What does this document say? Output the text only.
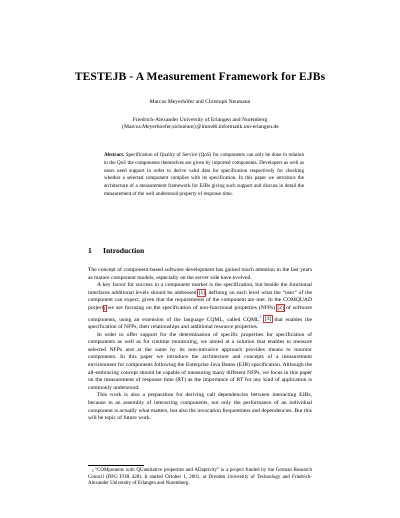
TESTEJB - A Measurement Framework for EJBs
Marcus Meyerhöfer and Christoph Neumann
Friedrich-Alexander University of Erlangen and Nuremberg
{Marcus.Meyerhoefer,sichneum}@immd6.informatik.uni-erlangen.de
Abstract. Specification of Quality of Service (QoS) for components can only be done in relation to the QoS the components themselves are given by imported components. Developers as well as users need support in order to derive valid data for specification respectively for checking whether a selected component complies with its specification. In this paper we introduce the architecture of a measurement framework for EJBs giving such support and discuss in detail the measurement of the well understood property of response time.
1 Introduction

The concept of component-based software development has gained much attention in the last years as mature component models, especially on the server side have evolved.

A key factor for success in a component market is the specification, but beside the functional interfaces additional levels should be addressed [1], defining on each level what the “user” of the component can expect, given that the requirements of the component are met. In the COMQUAD project$^1$ we are focusing on the specification of non-functional properties (NFPs) [2] of software components, using an extension of the language CQML, called CQML+ [3] that enables the specification of NFPs, their relationships and additional resource properties.

In order to offer support for the determination of specific properties for specification of components as well as for runtime monitoring, we aimed at a solution that enables to measure selected NFPs and at the same by its non-intrusive approach provides means to monitor components. In this paper we introduce the architecture and concepts of a measurement environment for components following the Enterprise Java Beans (EJB) specification. Although the all-embracing concept should be capable of measuring many different NFPs, we focus in this paper on the measurement of response time (RT) as the importance of RT for any kind of application is commonly understood.

This work is also a preparation for deriving call dependencies between interacting EJBs, because in an assembly of interacting components, not only the performance of an individual component is actually what matters, but also the invocation frequentness and dependencies. But this will be topic of future work.

$^1$“COMponents with QUantitative properties and ADaptivity” is a project funded by the German Research Council (DFG FOR 428). It started October 1, 2001, at Dresden University of Technology and Friedrich-Alexander University of Erlangen and Nuremberg.
